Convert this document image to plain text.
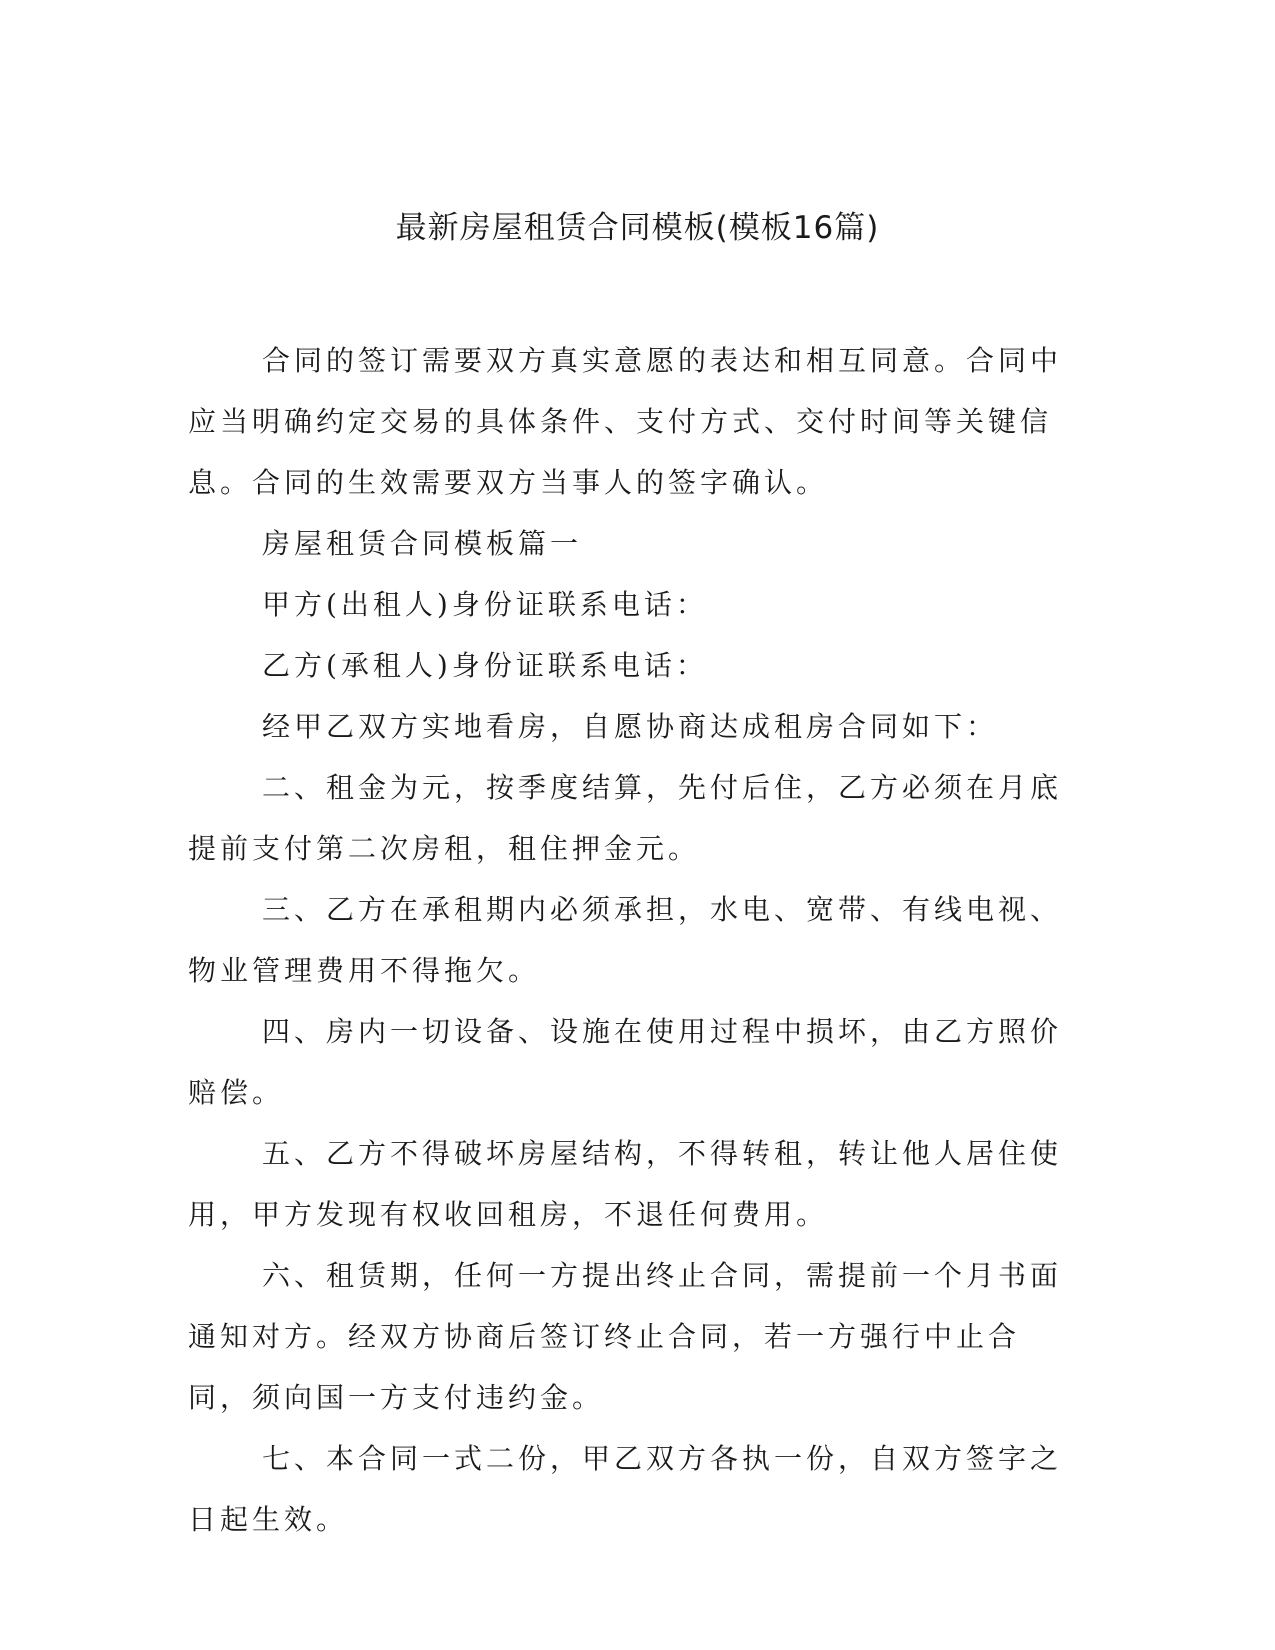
最新房屋租赁合同模板(模板16篇)

合同的签订需要双方真实意愿的表达和相互同意。合同中应当明确约定交易的具体条件、支付方式、交付时间等关键信息。合同的生效需要双方当事人的签字确认。

房屋租赁合同模板篇一

甲方(出租人)身份证联系电话：

乙方(承租人)身份证联系电话：

经甲乙双方实地看房，自愿协商达成租房合同如下：

二、租金为元，按季度结算，先付后住，乙方必须在月底提前支付第二次房租，租住押金元。

三、乙方在承租期内必须承担，水电、宽带、有线电视、物业管理费用不得拖欠。

四、房内一切设备、设施在使用过程中损坏，由乙方照价赔偿。

五、乙方不得破坏房屋结构，不得转租，转让他人居住使用，甲方发现有权收回租房，不退任何费用。

六、租赁期，任何一方提出终止合同，需提前一个月书面通知对方。经双方协商后签订终止合同，若一方强行中止合同，须向国一方支付违约金。

七、本合同一式二份，甲乙双方各执一份，自双方签字之日起生效。
